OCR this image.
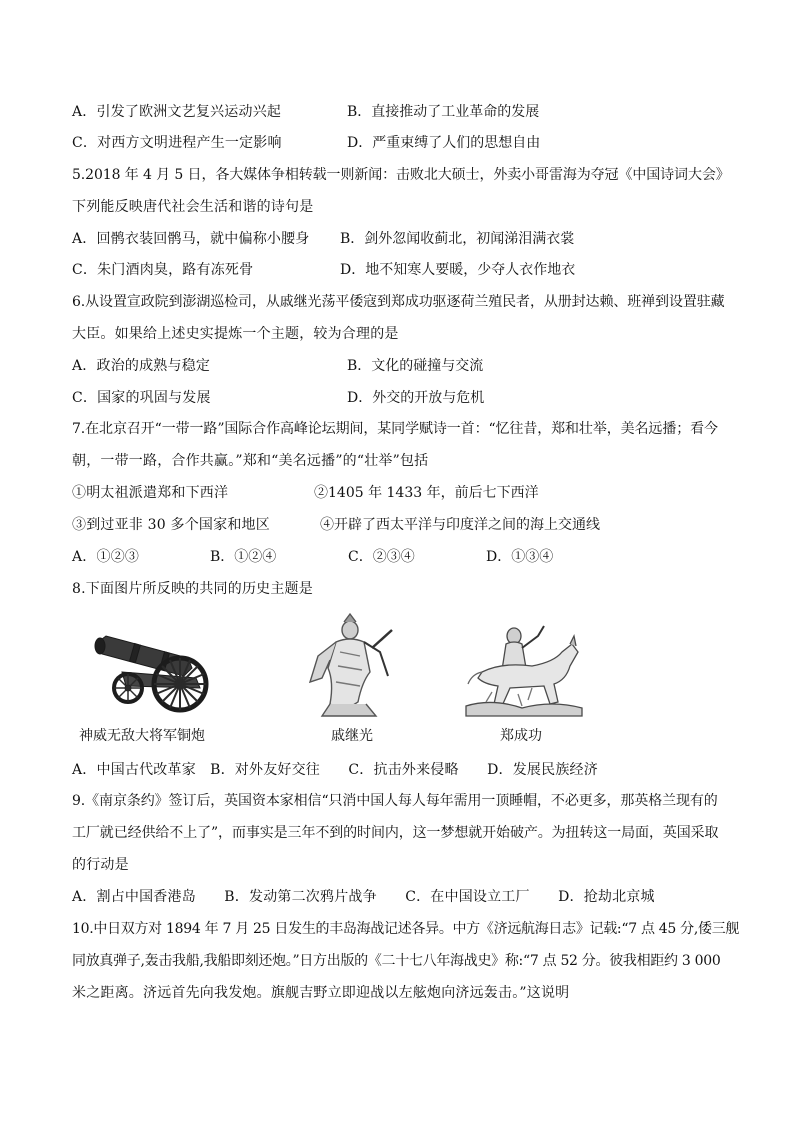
A．引发了欧洲文艺复兴运动兴起	B．直接推动了工业革命的发展
C．对西方文明进程产生一定影响	D．严重束缚了人们的思想自由
5.2018 年 4 月 5 日，各大媒体争相转载一则新闻：击败北大硕士，外卖小哥雷海为夺冠《中国诗词大会》
下列能反映唐代社会生活和谐的诗句是
A．回鹘衣装回鹘马，就中偏称小腰身 B．剑外忽闻收蓟北，初闻涕泪满衣裳
C．朱门酒肉臭，路有冻死骨	D．地不知寒人要暖，少夺人衣作地衣
6.从设置宣政院到澎湖巡检司，从戚继光荡平倭寇到郑成功驱逐荷兰殖民者，从册封达赖、班禅到设置驻藏
大臣。如果给上述史实提炼一个主题，较为合理的是
A．政治的成熟与稳定	B．文化的碰撞与交流
C．国家的巩固与发展	D．外交的开放与危机
7.在北京召开“一带一路”国际合作高峰论坛期间，某同学赋诗一首：“忆往昔，郑和壮举，美名远播；看今
朝，一带一路，合作共赢。”郑和“美名远播”的“壮举”包括
①明太祖派遣郑和下西洋	②1405 年 1433 年，前后七下西洋
③到过亚非 30 多个国家和地区	④开辟了西太平洋与印度洋之间的海上交通线
A．①②③	B．①②④	C．②③④	D．①③④
8.下面图片所反映的共同的历史主题是
神威无敌大将军铜炮	戚继光	郑成功
A．中国古代改革家　B．对外友好交往　　C．抗击外来侵略　　D．发展民族经济
9.《南京条约》签订后，英国资本家相信“只消中国人每人每年需用一顶睡帽，不必更多，那英格兰现有的
工厂就已经供给不上了”，而事实是三年不到的时间内，这一梦想就开始破产。为扭转这一局面，英国采取
的行动是
A．割占中国香港岛　　B．发动第二次鸦片战争　　C．在中国设立工厂　　D．抢劫北京城
10.中日双方对 1894 年 7 月 25 日发生的丰岛海战记述各异。中方《济远航海日志》记载:“7 点 45 分,倭三舰
同放真弹子,轰击我船,我船即刻还炮。”日方出版的《二十七八年海战史》称:“7 点 52 分。彼我相距约 3 000
米之距离。济远首先向我发炮。旗舰吉野立即迎战以左舷炮向济远轰击。”这说明
